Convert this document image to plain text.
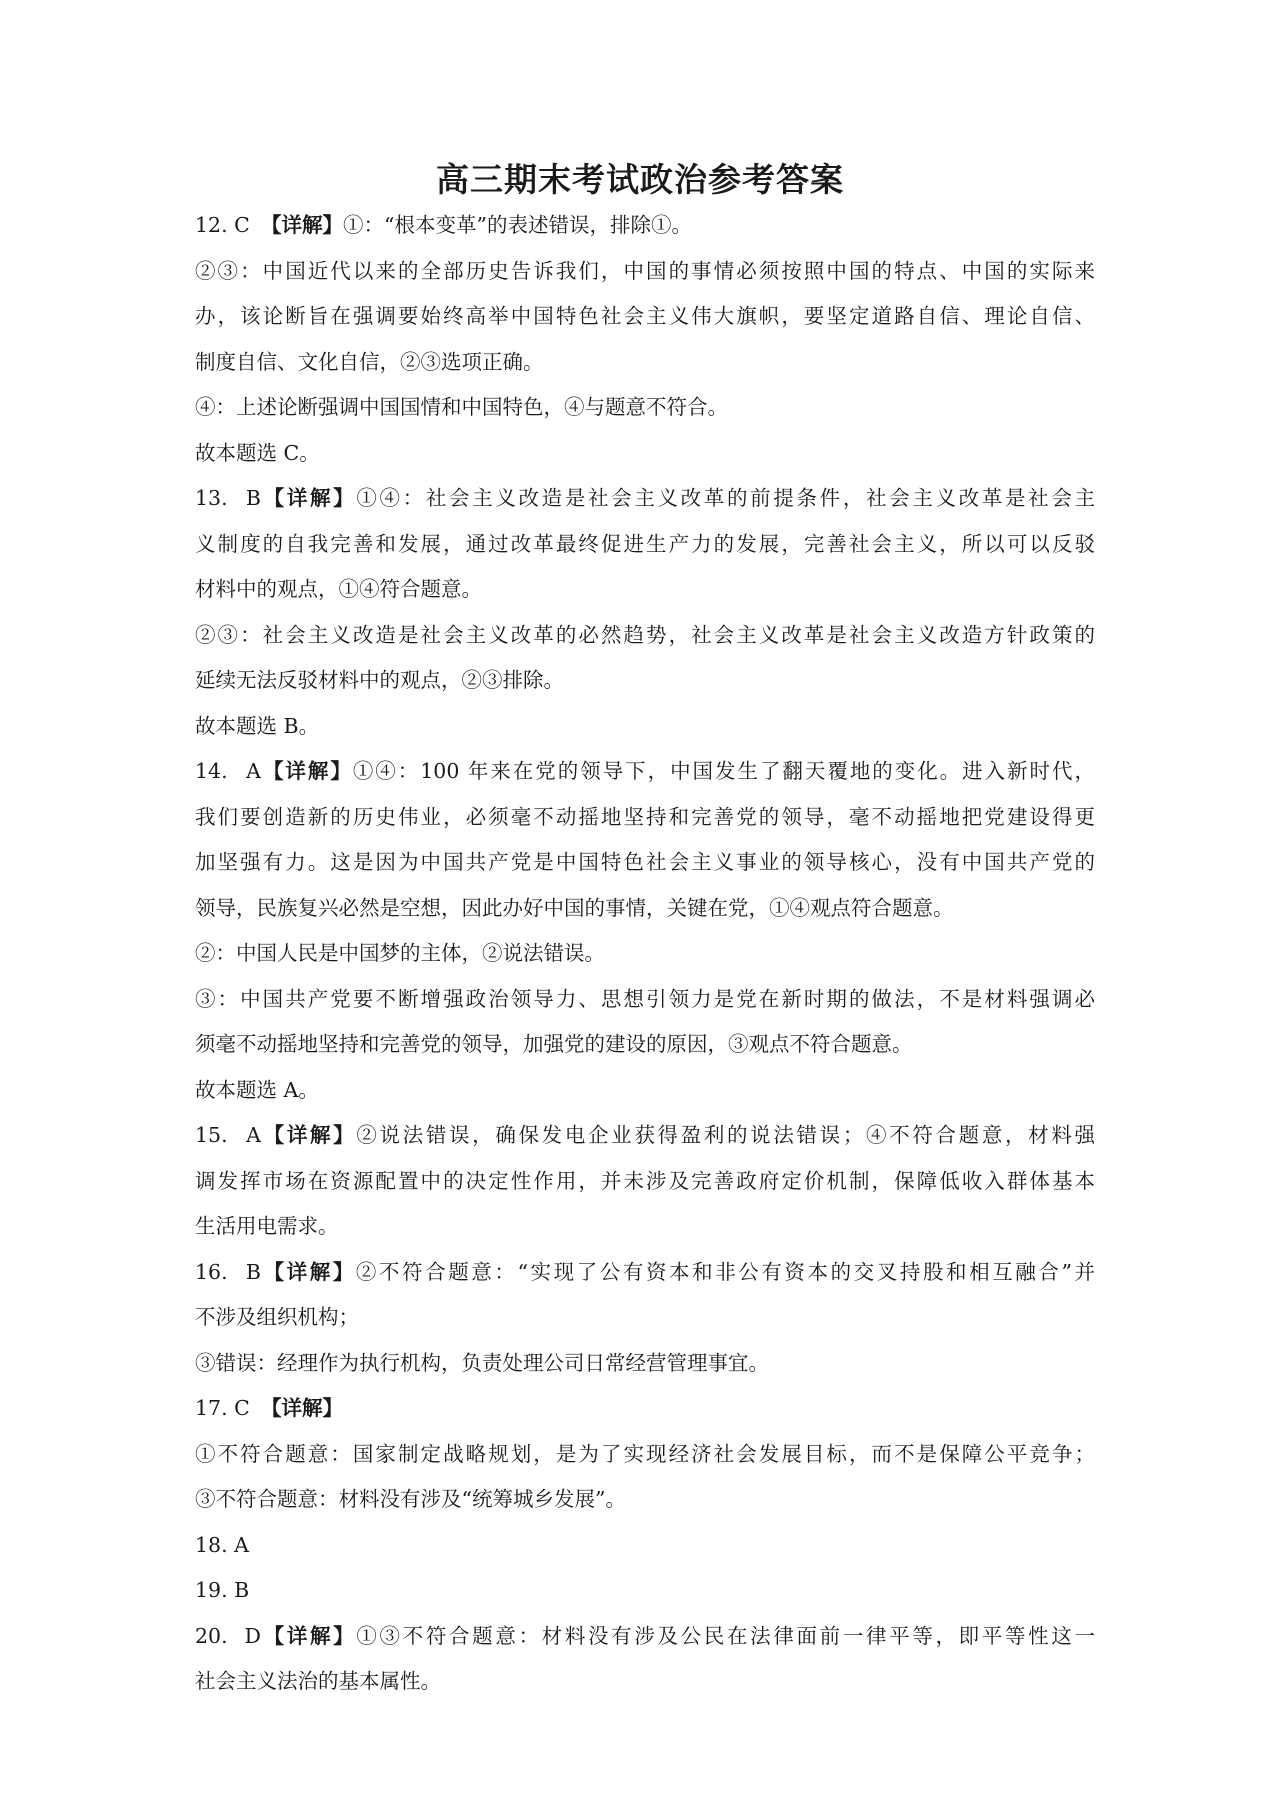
高三期末考试政治参考答案
12. C 【详解】①：“根本变革”的表述错误，排除①。
②③：中国近代以来的全部历史告诉我们，中国的事情必须按照中国的特点、中国的实际来
办，该论断旨在强调要始终高举中国特色社会主义伟大旗帜，要坚定道路自信、理论自信、
制度自信、文化自信，②③选项正确。
④：上述论断强调中国国情和中国特色，④与题意不符合。
故本题选 C。
13. B【详解】①④：社会主义改造是社会主义改革的前提条件，社会主义改革是社会主
义制度的自我完善和发展，通过改革最终促进生产力的发展，完善社会主义，所以可以反驳
材料中的观点，①④符合题意。
②③：社会主义改造是社会主义改革的必然趋势，社会主义改革是社会主义改造方针政策的
延续无法反驳材料中的观点，②③排除。
故本题选 B。
14. A【详解】①④：100 年来在党的领导下，中国发生了翻天覆地的变化。进入新时代，
我们要创造新的历史伟业，必须毫不动摇地坚持和完善党的领导，毫不动摇地把党建设得更
加坚强有力。这是因为中国共产党是中国特色社会主义事业的领导核心，没有中国共产党的
领导，民族复兴必然是空想，因此办好中国的事情，关键在党，①④观点符合题意。
②：中国人民是中国梦的主体，②说法错误。
③：中国共产党要不断增强政治领导力、思想引领力是党在新时期的做法，不是材料强调必
须毫不动摇地坚持和完善党的领导，加强党的建设的原因，③观点不符合题意。
故本题选 A。
15. A【详解】②说法错误，确保发电企业获得盈利的说法错误；④不符合题意，材料强
调发挥市场在资源配置中的决定性作用，并未涉及完善政府定价机制，保障低收入群体基本
生活用电需求。
16. B【详解】②不符合题意：“实现了公有资本和非公有资本的交叉持股和相互融合”并
不涉及组织机构；
③错误：经理作为执行机构，负责处理公司日常经营管理事宜。
17. C 【详解】
①不符合题意：国家制定战略规划，是为了实现经济社会发展目标，而不是保障公平竞争；
③不符合题意：材料没有涉及“统筹城乡发展”。
18. A
19. B
20. D【详解】①③不符合题意：材料没有涉及公民在法律面前一律平等，即平等性这一
社会主义法治的基本属性。
